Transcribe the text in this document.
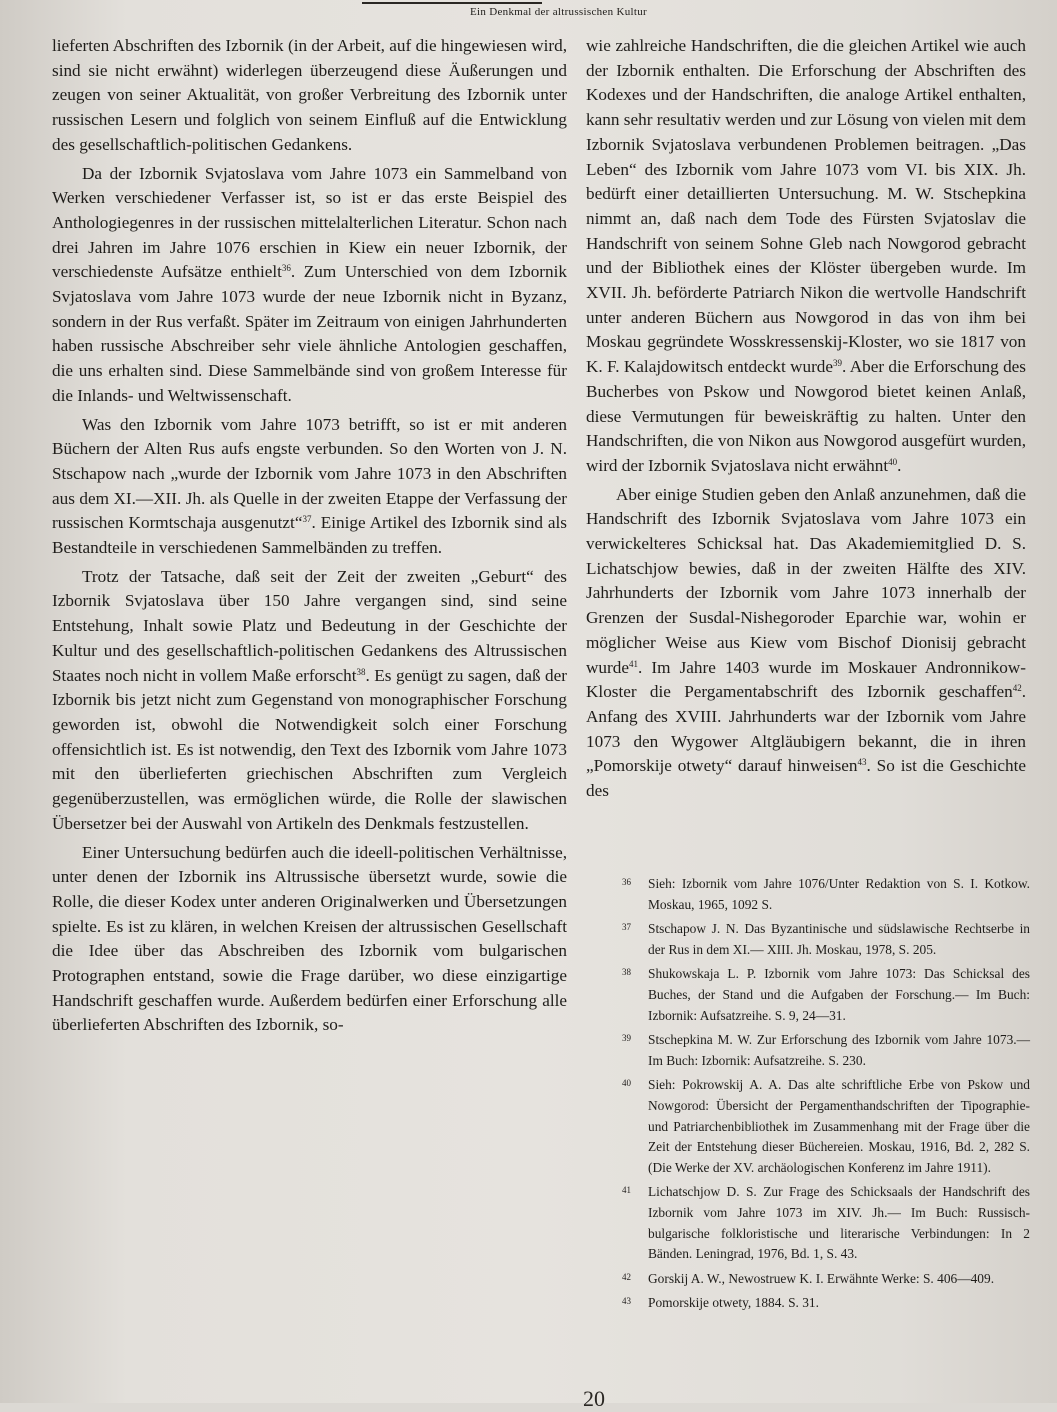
Ein Denkmal der altrussischen Kultur

lieferten Abschriften des Izbornik (in der Arbeit, auf die hingewiesen wird, sind sie nicht erwähnt) widerlegen überzeugend diese Äußerungen und zeugen von seiner Aktualität, von großer Verbreitung des Izbornik unter russischen Lesern und folglich von seinem Einfluß auf die Entwicklung des gesellschaftlich-politischen Gedankens.

Da der Izbornik Svjatoslava vom Jahre 1073 ein Sammelband von Werken verschiedener Verfasser ist, so ist er das erste Beispiel des Anthologiegenres in der russischen mittelalterlichen Literatur. Schon nach drei Jahren im Jahre 1076 erschien in Kiew ein neuer Izbornik, der verschiedenste Aufsätze enthielt$^{36}$. Zum Unterschied von dem Izbornik Svjatoslava vom Jahre 1073 wurde der neue Izbornik nicht in Byzanz, sondern in der Rus verfaßt. Später im Zeitraum von einigen Jahrhunderten haben russische Abschreiber sehr viele ähnliche Antologien geschaffen, die uns erhalten sind. Diese Sammelbände sind von großem Interesse für die Inlands- und Weltwissenschaft.

Was den Izbornik vom Jahre 1073 betrifft, so ist er mit anderen Büchern der Alten Rus aufs engste verbunden. So den Worten von J. N. Stschapow nach „wurde der Izbornik vom Jahre 1073 in den Abschriften aus dem XI.—XII. Jh. als Quelle in der zweiten Etappe der Verfassung der russischen Kormtschaja ausgenutzt“$^{37}$. Einige Artikel des Izbornik sind als Bestandteile in verschiedenen Sammelbänden zu treffen.

Trotz der Tatsache, daß seit der Zeit der zweiten „Geburt“ des Izbornik Svjatoslava über 150 Jahre vergangen sind, sind seine Entstehung, Inhalt sowie Platz und Bedeutung in der Geschichte der Kultur und des gesellschaftlich-politischen Gedankens des Altrussischen Staates noch nicht in vollem Maße erforscht$^{38}$. Es genügt zu sagen, daß der Izbornik bis jetzt nicht zum Gegenstand von monographischer Forschung geworden ist, obwohl die Notwendigkeit solch einer Forschung offensichtlich ist. Es ist notwendig, den Text des Izbornik vom Jahre 1073 mit den überlieferten griechischen Abschriften zum Vergleich gegenüberzustellen, was ermöglichen würde, die Rolle der slawischen Übersetzer bei der Auswahl von Artikeln des Denkmals festzustellen.

Einer Untersuchung bedürfen auch die ideell-politischen Verhältnisse, unter denen der Izbornik ins Altrussische übersetzt wurde, sowie die Rolle, die dieser Kodex unter anderen Originalwerken und Übersetzungen spielte. Es ist zu klären, in welchen Kreisen der altrussischen Gesellschaft die Idee über das Abschreiben des Izbornik vom bulgarischen Protographen entstand, sowie die Frage darüber, wo diese einzigartige Handschrift geschaffen wurde. Außerdem bedürfen einer Erforschung alle überlieferten Abschriften des Izbornik, so-

wie zahlreiche Handschriften, die die gleichen Artikel wie auch der Izbornik enthalten. Die Erforschung der Abschriften des Kodexes und der Handschriften, die analoge Artikel enthalten, kann sehr resultativ werden und zur Lösung von vielen mit dem Izbornik Svjatoslava verbundenen Problemen beitragen. „Das Leben“ des Izbornik vom Jahre 1073 vom VI. bis XIX. Jh. bedürft einer detaillierten Untersuchung. M. W. Stschepkina nimmt an, daß nach dem Tode des Fürsten Svjatoslav die Handschrift von seinem Sohne Gleb nach Nowgorod gebracht und der Bibliothek eines der Klöster übergeben wurde. Im XVII. Jh. beförderte Patriarch Nikon die wertvolle Handschrift unter anderen Büchern aus Nowgorod in das von ihm bei Moskau gegründete Wosskressenskij-Kloster, wo sie 1817 von K. F. Kalajdowitsch entdeckt wurde$^{39}$. Aber die Erforschung des Bucherbes von Pskow und Nowgorod bietet keinen Anlaß, diese Vermutungen für beweiskräftig zu halten. Unter den Handschriften, die von Nikon aus Nowgorod ausgefürt wurden, wird der Izbornik Svjatoslava nicht erwähnt$^{40}$.

Aber einige Studien geben den Anlaß anzunehmen, daß die Handschrift des Izbornik Svjatoslava vom Jahre 1073 ein verwickelteres Schicksal hat. Das Akademiemitglied D. S. Lichatschjow bewies, daß in der zweiten Hälfte des XIV. Jahrhunderts der Izbornik vom Jahre 1073 innerhalb der Grenzen der Susdal-Nishegoroder Eparchie war, wohin er möglicher Weise aus Kiew vom Bischof Dionisij gebracht wurde$^{41}$. Im Jahre 1403 wurde im Moskauer Andronnikow-Kloster die Pergamentabschrift des Izbornik geschaffen$^{42}$. Anfang des XVIII. Jahrhunderts war der Izbornik vom Jahre 1073 den Wygower Altgläubigern bekannt, die in ihren „Pomorskije otwety“ darauf hinweisen$^{43}$. So ist die Geschichte des

36 Sieh: Izbornik vom Jahre 1076/Unter Redaktion von S. I. Kotkow. Moskau, 1965, 1092 S.
37 Stschapow J. N. Das Byzantinische und südslawische Rechtserbe in der Rus in dem XI.— XIII. Jh. Moskau, 1978, S. 205.
38 Shukowskaja L. P. Izbornik vom Jahre 1073: Das Schicksal des Buches, der Stand und die Aufgaben der Forschung.— Im Buch: Izbornik: Aufsatzreihe. S. 9, 24—31.
39 Stschepkina M. W. Zur Erforschung des Izbornik vom Jahre 1073.— Im Buch: Izbornik: Aufsatzreihe. S. 230.
40 Sieh: Pokrowskij A. A. Das alte schriftliche Erbe von Pskow und Nowgorod: Übersicht der Pergamenthandschriften der Tipographie-und Patriarchenbibliothek im Zusammenhang mit der Frage über die Zeit der Entstehung dieser Büchereien. Moskau, 1916, Bd. 2, 282 S. (Die Werke der XV. archäologischen Konferenz im Jahre 1911).
41 Lichatschjow D. S. Zur Frage des Schicksaals der Handschrift des Izbornik vom Jahre 1073 im XIV. Jh.— Im Buch: Russisch-bulgarische folkloristische und literarische Verbindungen: In 2 Bänden. Leningrad, 1976, Bd. 1, S. 43.
42 Gorskij A. W., Newostruew K. I. Erwähnte Werke: S. 406—409.
43 Pomorskije otwety, 1884. S. 31.
20
